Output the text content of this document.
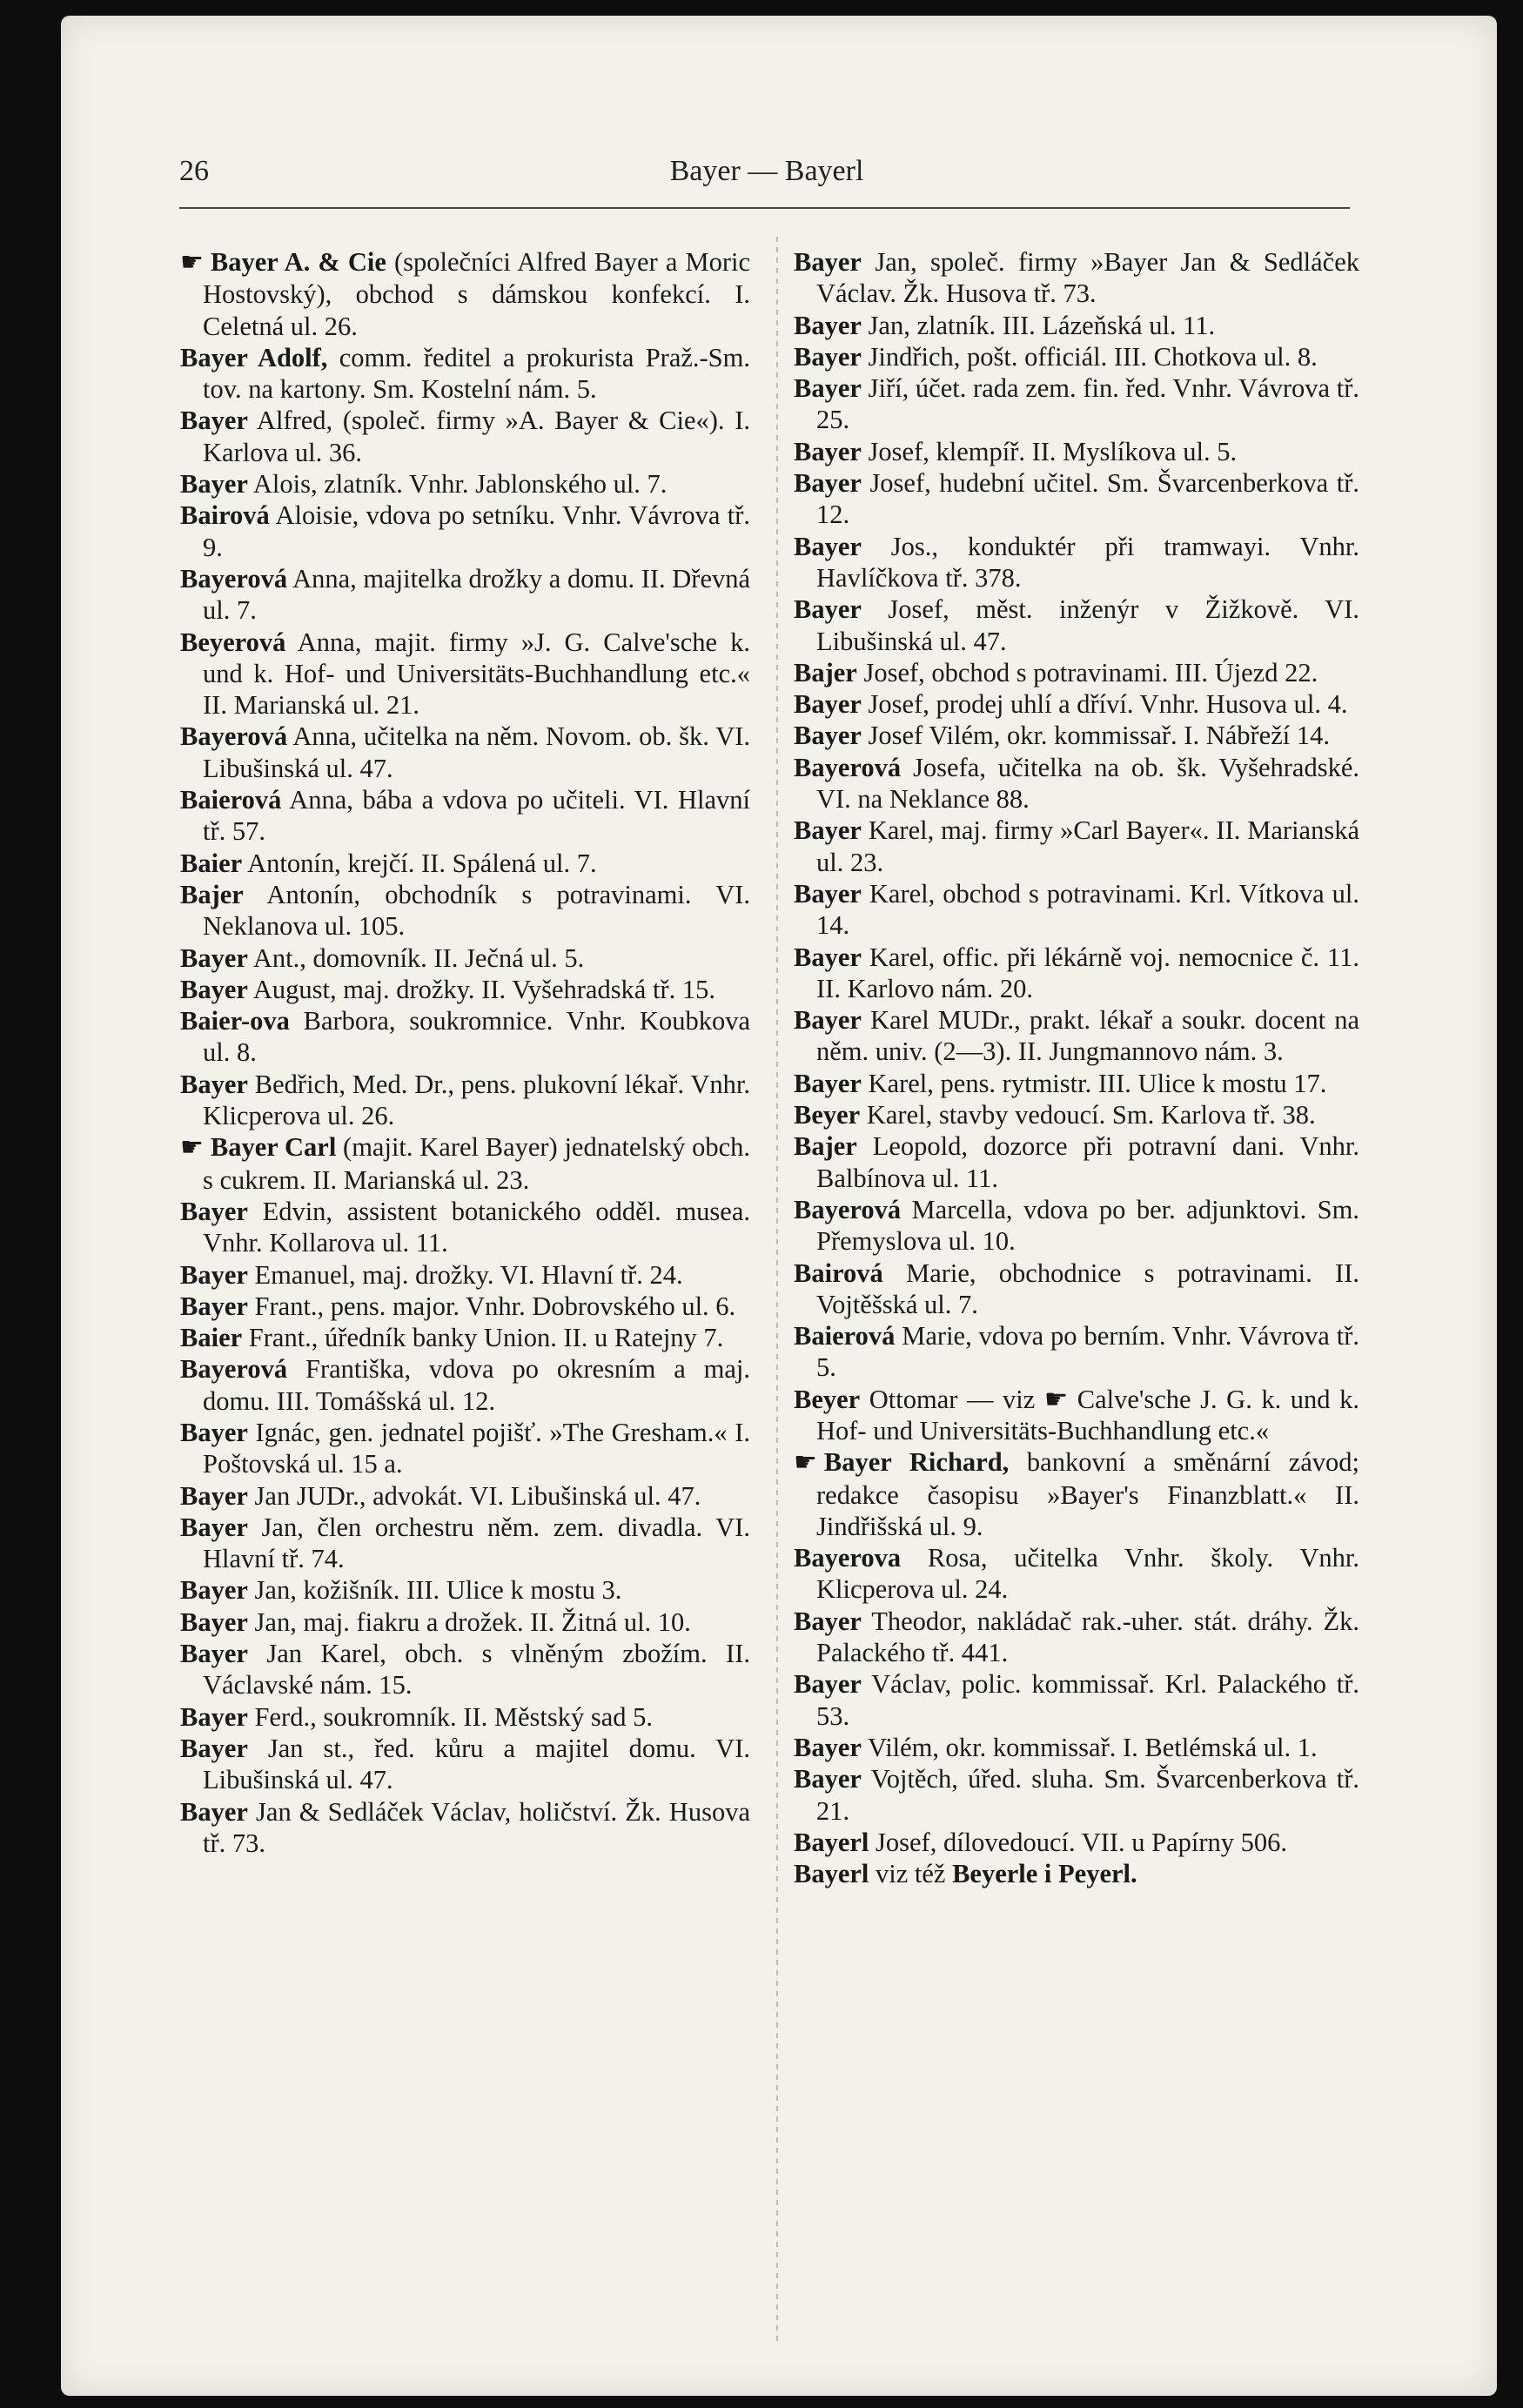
26	Bayer — Bayerl
☛ Bayer A. & Cie (společníci Alfred Bayer a Moric Hostovský), obchod s dámskou konfekcí. I. Celetná ul. 26.
Bayer Adolf, comm. ředitel a prokurista Praž.-Sm. tov. na kartony. Sm. Kostelní nám. 5.
Bayer Alfred, (společ. firmy »A. Bayer & Cie«). I. Karlova ul. 36.
Bayer Alois, zlatník. Vnhr. Jablonského ul. 7.
Bairová Aloisie, vdova po setníku. Vnhr. Vávrova tř. 9.
Bayerová Anna, majitelka drožky a domu. II. Dřevná ul. 7.
Beyerová Anna, majit. firmy »J. G. Calve'sche k. und k. Hof- und Universitäts-Buchhandlung etc.« II. Marianská ul. 21.
Bayerová Anna, učitelka na něm. Novom. ob. šk. VI. Libušinská ul. 47.
Baierová Anna, bába a vdova po učiteli. VI. Hlavní tř. 57.
Baier Antonín, krejčí. II. Spálená ul. 7.
Bajer Antonín, obchodník s potravinami. VI. Neklanova ul. 105.
Bayer Ant., domovník. II. Ječná ul. 5.
Bayer August, maj. drožky. II. Vyšehradská tř. 15.
Baier-ova Barbora, soukromnice. Vnhr. Koubkova ul. 8.
Bayer Bedřich, Med. Dr., pens. plukovní lékař. Vnhr. Klicperova ul. 26.
☛ Bayer Carl (majit. Karel Bayer) jednatelský obch. s cukrem. II. Marianská ul. 23.
Bayer Edvin, assistent botanického odděl. musea. Vnhr. Kollarova ul. 11.
Bayer Emanuel, maj. drožky. VI. Hlavní tř. 24.
Bayer Frant., pens. major. Vnhr. Dobrovského ul. 6.
Baier Frant., úředník banky Union. II. u Ratejny 7.
Bayerová Františka, vdova po okresním a maj. domu. III. Tomášská ul. 12.
Bayer Ignác, gen. jednatel pojišť. »The Gresham.« I. Poštovská ul. 15 a.
Bayer Jan JUDr., advokát. VI. Libušinská ul. 47.
Bayer Jan, člen orchestru něm. zem. divadla. VI. Hlavní tř. 74.
Bayer Jan, kožišník. III. Ulice k mostu 3.
Bayer Jan, maj. fiakru a drožek. II. Žitná ul. 10.
Bayer Jan Karel, obch. s vlněným zbožím. II. Václavské nám. 15.
Bayer Ferd., soukromník. II. Městský sad 5.
Bayer Jan st., řed. kůru a majitel domu. VI. Libušinská ul. 47.
Bayer Jan & Sedláček Václav, holičství. Žk. Husova tř. 73.
Bayer Jan, společ. firmy »Bayer Jan & Sedláček Václav. Žk. Husova tř. 73.
Bayer Jan, zlatník. III. Lázeňská ul. 11.
Bayer Jindřich, pošt. officiál. III. Chotkova ul. 8.
Bayer Jiří, účet. rada zem. fin. řed. Vnhr. Vávrova tř. 25.
Bayer Josef, klempíř. II. Myslíkova ul. 5.
Bayer Josef, hudební učitel. Sm. Švarcenberkova tř. 12.
Bayer Jos., konduktér při tramwayi. Vnhr. Havlíčkova tř. 378.
Bayer Josef, měst. inženýr v Žižkově. VI. Libušinská ul. 47.
Bajer Josef, obchod s potravinami. III. Újezd 22.
Bayer Josef, prodej uhlí a dříví. Vnhr. Husova ul. 4.
Bayer Josef Vilém, okr. kommissař. I. Nábřeží 14.
Bayerová Josefa, učitelka na ob. šk. Vyšehradské. VI. na Neklance 88.
Bayer Karel, maj. firmy »Carl Bayer«. II. Marianská ul. 23.
Bayer Karel, obchod s potravinami. Krl. Vítkova ul. 14.
Bayer Karel, offic. při lékárně voj. nemocnice č. 11. II. Karlovo nám. 20.
Bayer Karel MUDr., prakt. lékař a soukr. docent na něm. univ. (2—3). II. Jungmannovo nám. 3.
Bayer Karel, pens. rytmistr. III. Ulice k mostu 17.
Beyer Karel, stavby vedoucí. Sm. Karlova tř. 38.
Bajer Leopold, dozorce při potravní dani. Vnhr. Balbínova ul. 11.
Bayerová Marcella, vdova po ber. adjunktovi. Sm. Přemyslova ul. 10.
Bairová Marie, obchodnice s potravinami. II. Vojtěšská ul. 7.
Baierová Marie, vdova po berním. Vnhr. Vávrova tř. 5.
Beyer Ottomar — viz ☛ Calve'sche J. G. k. und k. Hof- und Universitäts-Buchhandlung etc.«
☛ Bayer Richard, bankovní a směnární závod; redakce časopisu »Bayer's Finanzblatt.« II. Jindřišská ul. 9.
Bayerova Rosa, učitelka Vnhr. školy. Vnhr. Klicperova ul. 24.
Bayer Theodor, nakládač rak.-uher. stát. dráhy. Žk. Palackého tř. 441.
Bayer Václav, polic. kommissař. Krl. Palackého tř. 53.
Bayer Vilém, okr. kommissař. I. Betlémská ul. 1.
Bayer Vojtěch, úřed. sluha. Sm. Švarcenberkova tř. 21.
Bayerl Josef, dílovedoucí. VII. u Papírny 506.
Bayerl viz též Beyerle i Peyerl.
